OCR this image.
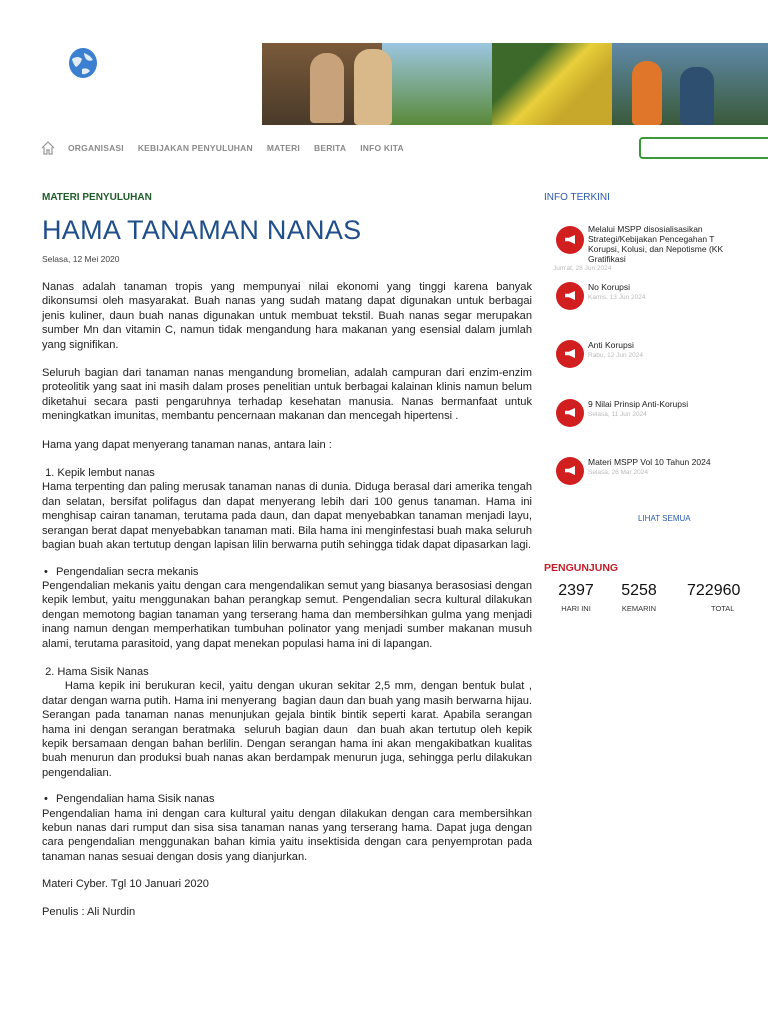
ORGANISASI KEBIJAKAN PENYULUHAN MATERI BERITA INFO KITA
MATERI PENYULUHAN
HAMA TANAMAN NANAS
Selasa, 12 Mei 2020

Nanas adalah tanaman tropis yang mempunyai nilai ekonomi yang tinggi karena banyak dikonsumsi oleh masyarakat. Buah nanas yang sudah matang dapat digunakan untuk berbagai jenis kuliner, daun buah nanas digunakan untuk membuat tekstil. Buah nanas segar merupakan sumber Mn dan vitamin C, namun tidak mengandung hara makanan yang esensial dalam jumlah yang signifikan.

Seluruh bagian dari tanaman nanas mengandung bromelian, adalah campuran dari enzim-enzim proteolitik yang saat ini masih dalam proses penelitian untuk berbagai kalainan klinis namun belum diketahui secara pasti pengaruhnya terhadap kesehatan manusia. Nanas bermanfaat untuk meningkatkan imunitas, membantu pencernaan makanan dan mencegah hipertensi .

Hama yang dapat menyerang tanaman nanas, antara lain :

1. Kepik lembut nanas

Hama terpenting dan paling merusak tanaman nanas di dunia. Diduga berasal dari amerika tengah dan selatan, bersifat polifagus dan dapat menyerang lebih dari 100 genus tanaman. Hama ini menghisap cairan tanaman, terutama pada daun, dan dapat menyebabkan tanaman menjadi layu, serangan berat dapat menyebabkan tanaman mati. Bila hama ini menginfestasi buah maka seluruh bagian buah akan tertutup dengan lapisan lilin berwarna putih sehingga tidak dapat dipasarkan lagi.

• Pengendalian secra mekanis

Pengendalian mekanis yaitu dengan cara mengendalikan semut yang biasanya berasosiasi dengan kepik lembut, yaitu menggunakan bahan perangkap semut. Pengendalian secra kultural dilakukan dengan memotong bagian tanaman yang terserang hama dan membersihkan gulma yang menjadi inang namun dengan memperhatikan tumbuhan polinator yang menjadi sumber makanan musuh alami, terutama parasitoid, yang dapat menekan populasi hama ini di lapangan.

2. Hama Sisik Nanas

Hama kepik ini berukuran kecil, yaitu dengan ukuran sekitar 2,5 mm, dengan bentuk bulat , datar dengan warna putih. Hama ini menyerang  bagian daun dan buah yang masih berwarna hijau. Serangan pada tanaman nanas menunjukan gejala bintik bintik seperti karat. Apabila serangan hama ini dengan serangan beratmaka  seluruh bagian daun  dan buah akan tertutup oleh kepik kepik bersamaan dengan bahan berlilin. Dengan serangan hama ini akan mengakibatkan kualitas buah menurun dan produksi buah nanas akan berdampak menurun juga, sehingga perlu dilakukan pengendalian.

• Pengendalian hama Sisik nanas

Pengendalian hama ini dengan cara kultural yaitu dengan dilakukan dengan cara membersihkan kebun nanas dari rumput dan sisa sisa tanaman nanas yang terserang hama. Dapat juga dengan cara pengendalian menggunakan bahan kimia yaitu insektisida dengan cara penyemprotan pada tanaman nanas sesuai dengan dosis yang dianjurkan.

Materi Cyber. Tgl 10 Januari 2020

Penulis : Ali Nurdin

INFO TERKINI
Melalui MSPP disosialisasikan
Strategi/Kebijakan Pencegahan T
Korupsi, Kolusi, dan Nepotisme (KK
Gratifikasi
Jum'at, 28 Jun 2024
No Korupsi
Kamis, 13 Jun 2024
Anti Korupsi
Rabu, 12 Jun 2024
9 Nilai Prinsip Anti-Korupsi
Selasa, 11 Jun 2024
Materi MSPP Vol 10 Tahun 2024
Selasa, 26 Mar 2024
LIHAT SEMUA
PENGUNJUNG
2397
HARI INI
5258
KEMARIN
722960
TOTAL
